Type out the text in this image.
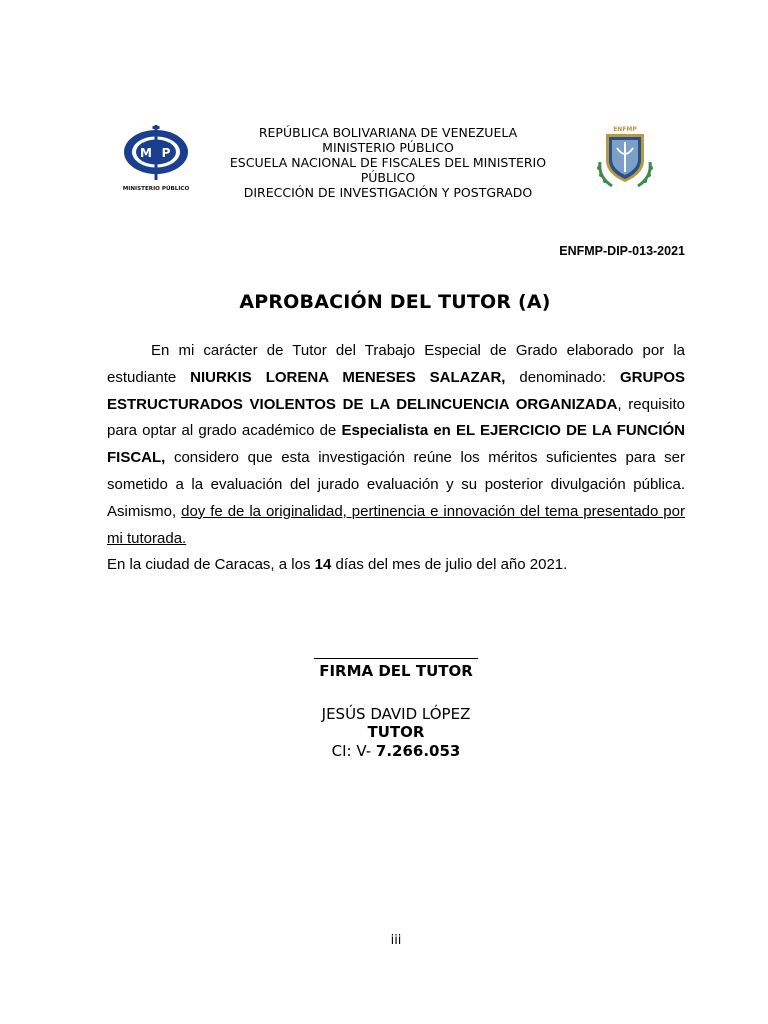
M P
MINISTERIO PÚBLICO
REPÚBLICA BOLIVARIANA DE VENEZUELA
MINISTERIO PÚBLICO
ESCUELA NACIONAL DE FISCALES DEL MINISTERIO PÚBLICO
DIRECCIÓN DE INVESTIGACIÓN Y POSTGRADO
ENFMP
ENFMP-DIP-013-2021
APROBACIÓN DEL TUTOR (A)

En mi carácter de Tutor del Trabajo Especial de Grado elaborado por la estudiante NIURKIS LORENA MENESES SALAZAR, denominado: GRUPOS ESTRUCTURADOS VIOLENTOS DE LA DELINCUENCIA ORGANIZADA, requisito para optar al grado académico de Especialista en EL EJERCICIO DE LA FUNCIÓN FISCAL, considero que esta investigación reúne los méritos suficientes para ser sometido a la evaluación del jurado evaluación y su posterior divulgación pública. Asimismo, doy fe de la originalidad, pertinencia e innovación del tema presentado por mi tutorada.

En la ciudad de Caracas, a los 14 días del mes de julio del año 2021.

FIRMA DEL TUTOR
JESÚS DAVID LÓPEZ
TUTOR
CI: V- 7.266.053
iii
